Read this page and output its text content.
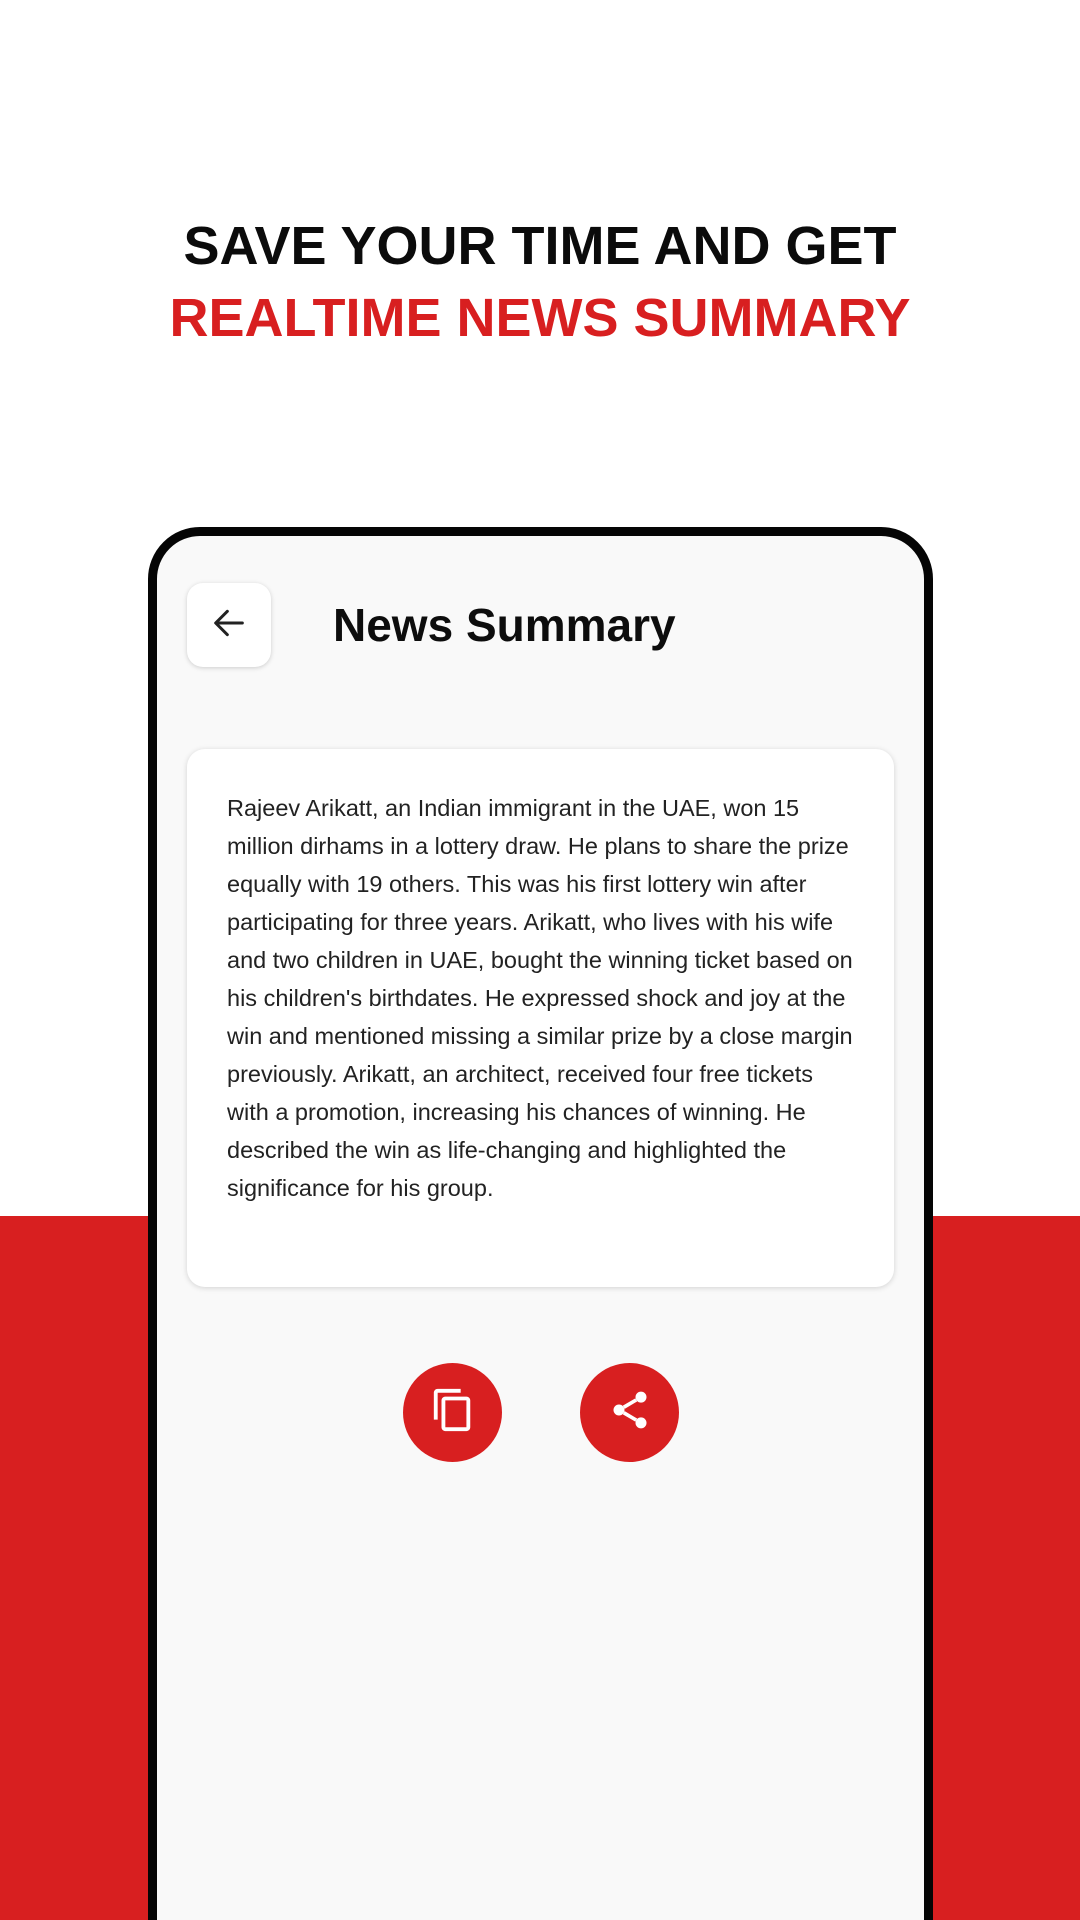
SAVE YOUR TIME AND GET
REALTIME NEWS SUMMARY
News Summary

Rajeev Arikatt, an Indian immigrant in the UAE, won 15 million dirhams in a lottery draw. He plans to share the prize equally with 19 others. This was his first lottery win after participating for three years. Arikatt, who lives with his wife and two children in UAE, bought the winning ticket based on his children's birthdates. He expressed shock and joy at the win and mentioned missing a similar prize by a close margin previously. Arikatt, an architect, received four free tickets with a promotion, increasing his chances of winning. He described the win as life-changing and highlighted the significance for his group.
